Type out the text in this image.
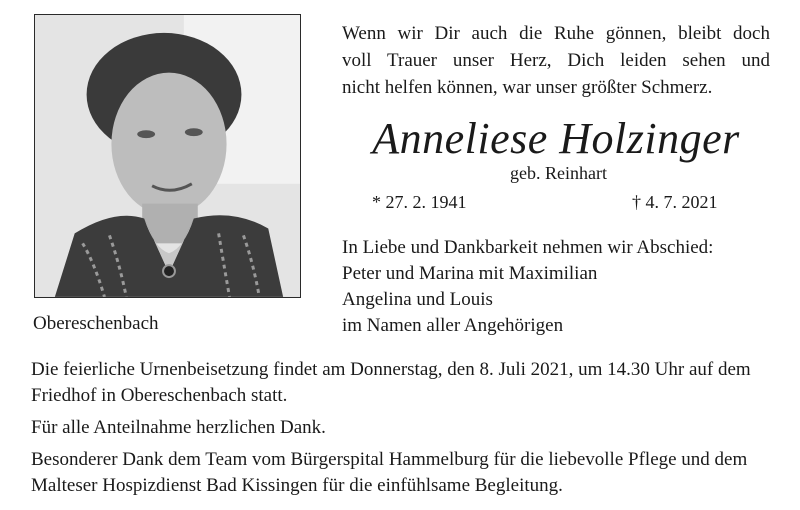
Obereschenbach

Wenn wir Dir auch die Ruhe gönnen, bleibt doch
voll Trauer unser Herz, Dich leiden sehen und
nicht helfen können, war unser größter Schmerz.

Anneliese Holzinger
geb. Reinhart
* 27. 2. 1941	† 4. 7. 2021

In Liebe und Dankbarkeit nehmen wir Abschied:
Peter und Marina mit Maximilian
Angelina und Louis
im Namen aller Angehörigen

Die feierliche Urnenbeisetzung findet am Donnerstag, den 8. Juli 2021, um 14.30 Uhr auf dem Friedhof in Obereschenbach statt.

Für alle Anteilnahme herzlichen Dank.

Besonderer Dank dem Team vom Bürgerspital Hammelburg für die liebevolle Pflege und dem Malteser Hospizdienst Bad Kissingen für die einfühlsame Begleitung.
